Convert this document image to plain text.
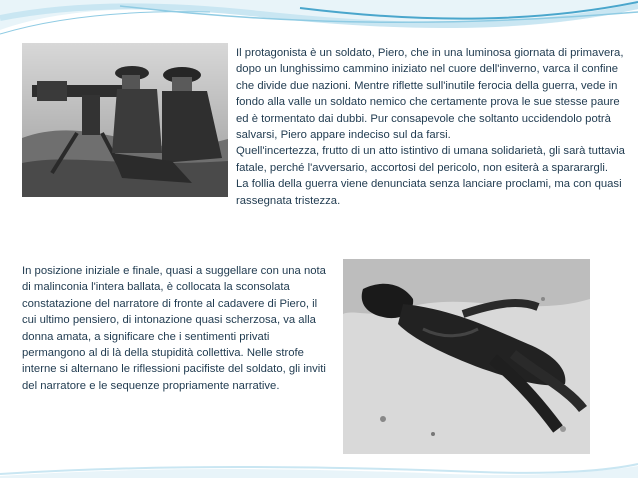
Il protagonista è un soldato, Piero, che in una luminosa giornata di primavera, dopo un lunghissimo cammino iniziato nel cuore dell'inverno, varca il confine che divide due nazioni. Mentre riflette sull'inutile ferocia della guerra, vede in fondo alla valle un soldato nemico che certamente prova le sue stesse paure ed è tormentato dai dubbi. Pur consapevole che soltanto uccidendolo potrà salvarsi, Piero appare indeciso sul da farsi.

Quell'incertezza, frutto di un atto istintivo di umana solidarietà, gli sarà tuttavia fatale, perché l'avversario, accortosi del pericolo, non esiterà a spararargli.

La follia della guerra viene denunciata senza lanciare proclami, ma con quasi rassegnata tristezza.

In posizione iniziale e finale, quasi a suggellare con una nota di malinconia l'intera ballata, è collocata la sconsolata constatazione del narratore di fronte al cadavere di Piero, il cui ultimo pensiero, di intonazione quasi scherzosa, va alla donna amata, a significare che i sentimenti privati permangono al di là della stupidità collettiva. Nelle strofe interne si alternano le riflessioni pacifiste del soldato, gli inviti del narratore e le sequenze propriamente narrative.
